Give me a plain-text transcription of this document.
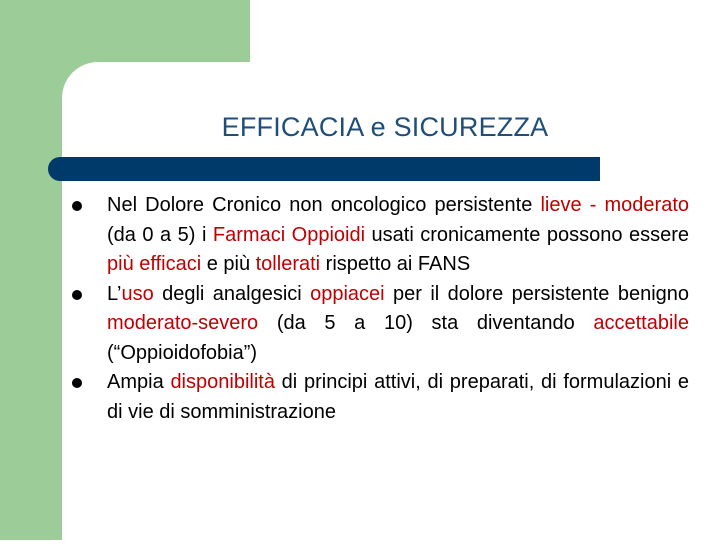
EFFICACIA e SICUREZZA
Nel Dolore Cronico non oncologico persistente lieve - moderato (da 0 a 5) i Farmaci Oppioidi usati cronicamente possono essere più efficaci e più tollerati rispetto ai FANS
L’uso degli analgesici oppiacei per il dolore persistente benigno moderato-severo (da 5 a 10) sta diventando accettabile (“Oppioidofobia”)
Ampia disponibilità di principi attivi, di preparati, di formulazioni e di vie di somministrazione
